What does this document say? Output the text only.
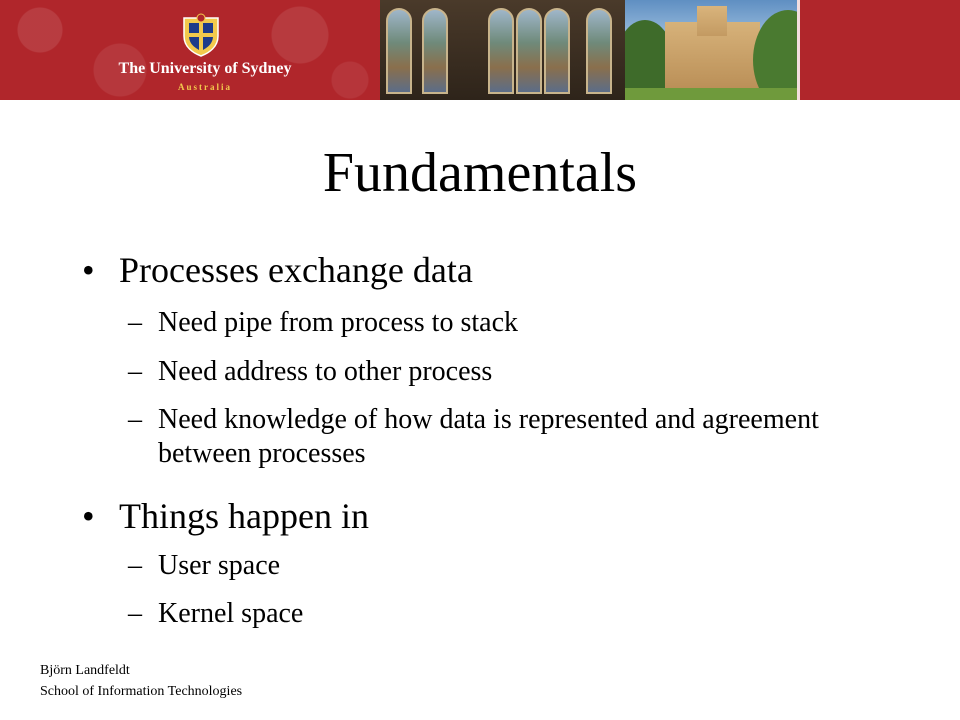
The University of Sydney
Australia
Fundamentals
• Processes exchange data
– Need pipe from process to stack
– Need address to other process
– Need knowledge of how data is represented and agreement between processes
• Things happen in
– User space
– Kernel space
Björn Landfeldt
School of Information Technologies
